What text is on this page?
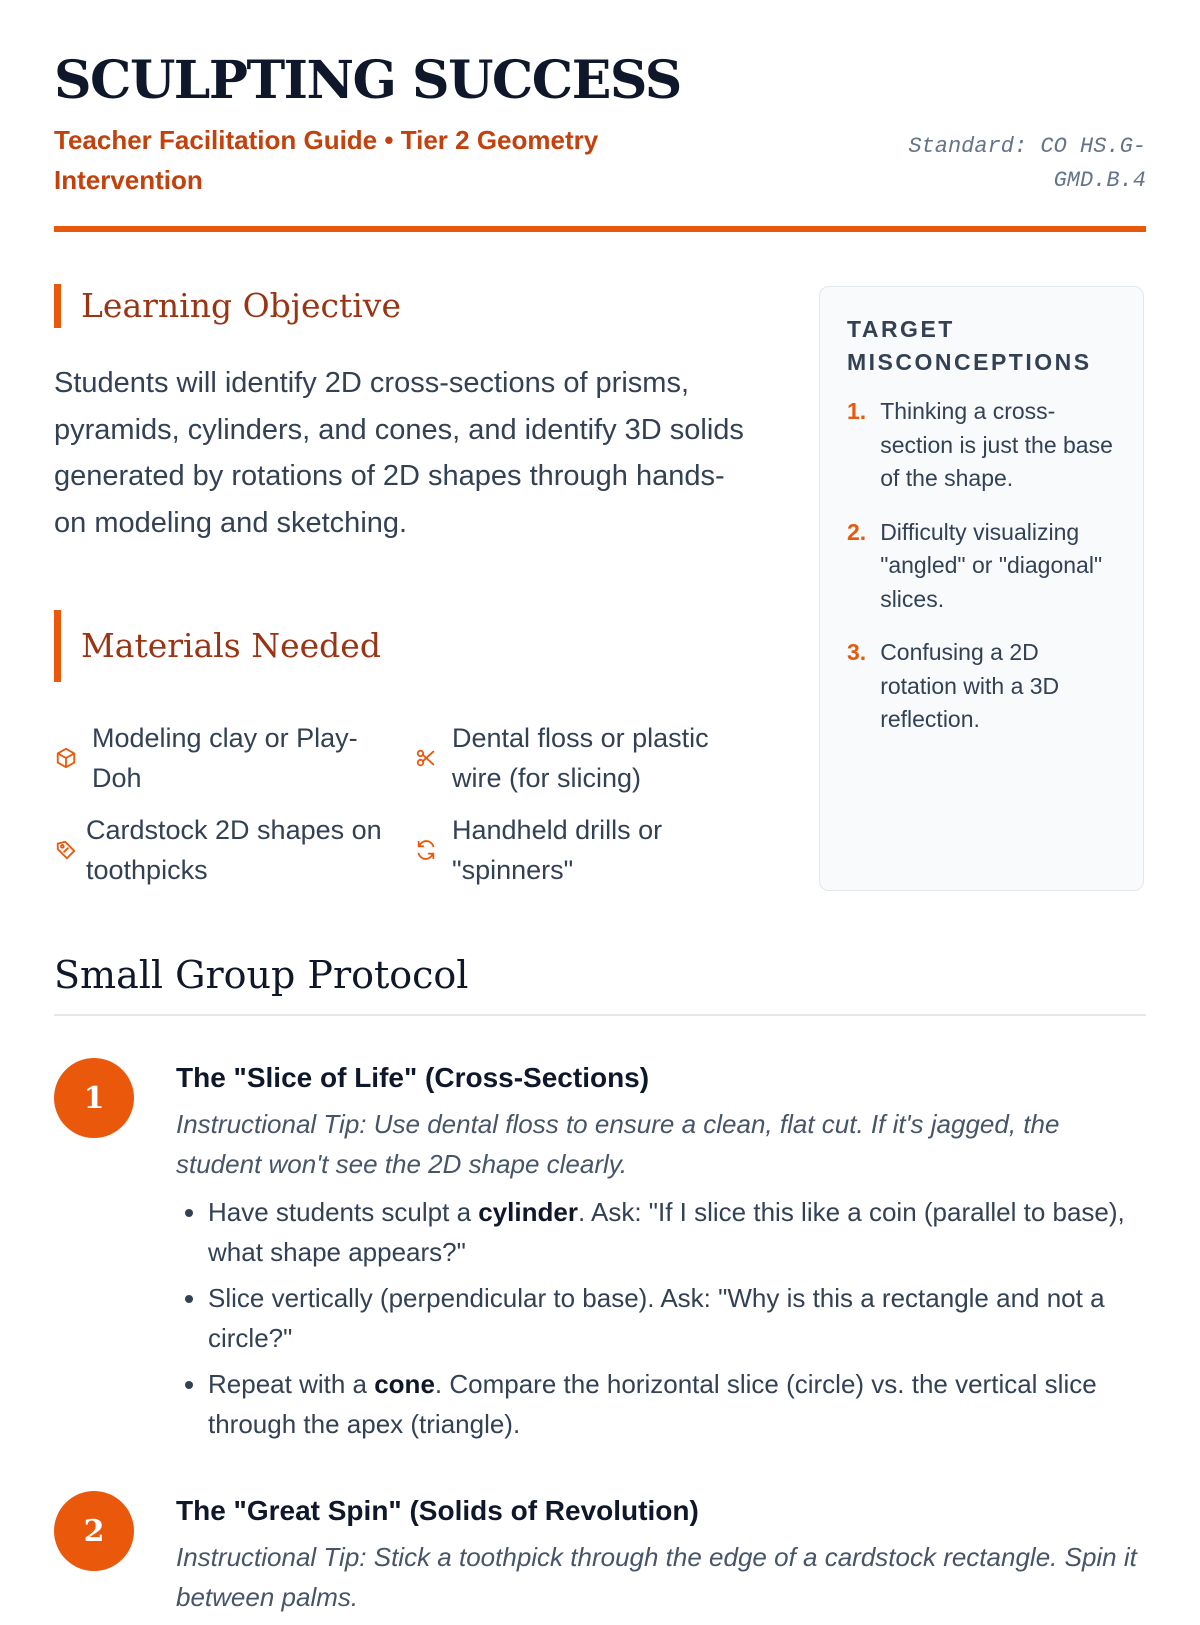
SCULPTING SUCCESS
Teacher Facilitation Guide • Tier 2 Geometry Intervention
Standard: CO HS.G-GMD.B.4
Learning Objective

Students will identify 2D cross-sections of prisms, pyramids, cylinders, and cones, and identify 3D solids generated by rotations of 2D shapes through hands-on modeling and sketching.

Materials Needed
Modeling clay or Play-Doh
Dental floss or plastic wire (for slicing)
Cardstock 2D shapes on toothpicks
Handheld drills or "spinners"
TARGET MISCONCEPTIONS
1. Thinking a cross-section is just the base of the shape.
2. Difficulty visualizing "angled" or "diagonal" slices.
3. Confusing a 2D rotation with a 3D reflection.
Small Group Protocol
1
The "Slice of Life" (Cross-Sections)

Instructional Tip: Use dental floss to ensure a clean, flat cut. If it's jagged, the student won't see the 2D shape clearly.

• Have students sculpt a cylinder. Ask: "If I slice this like a coin (parallel to base), what shape appears?"
• Slice vertically (perpendicular to base). Ask: "Why is this a rectangle and not a circle?"
• Repeat with a cone. Compare the horizontal slice (circle) vs. the vertical slice through the apex (triangle).
2
The "Great Spin" (Solids of Revolution)

Instructional Tip: Stick a toothpick through the edge of a cardstock rectangle. Spin it between palms.
